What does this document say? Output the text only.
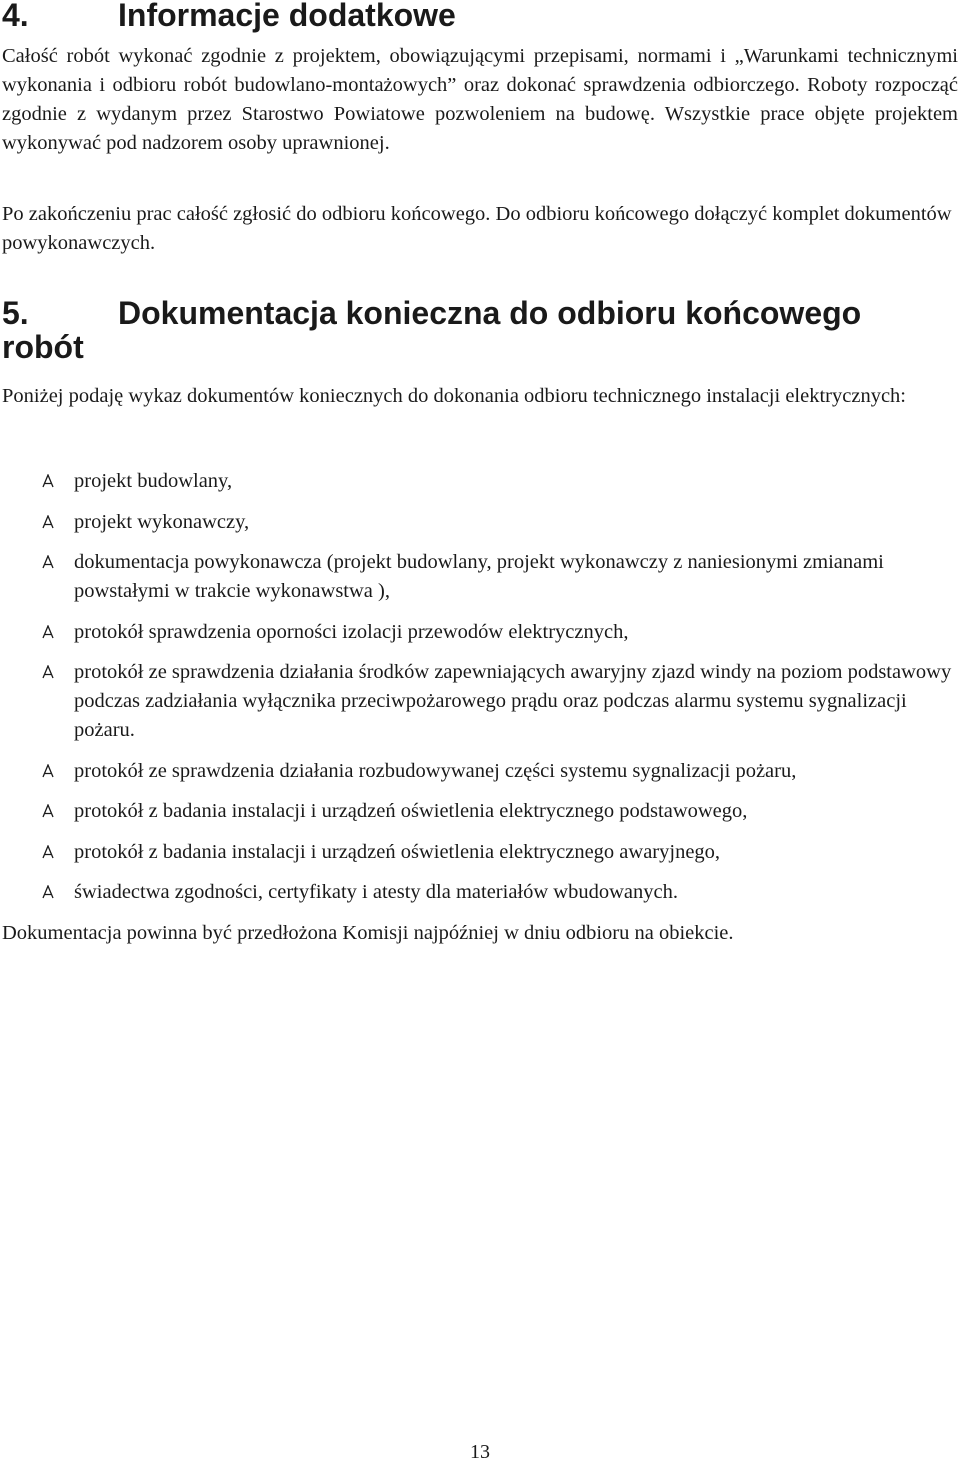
4.	Informacje dodatkowe

Całość robót wykonać zgodnie z projektem, obowiązującymi przepisami, normami i „Warunkami technicznymi wykonania i odbioru robót budowlano-montażowych” oraz dokonać sprawdzenia odbiorczego. Roboty rozpocząć zgodnie z wydanym przez Starostwo Powiatowe pozwoleniem na budowę. Wszystkie prace objęte projektem wykonywać pod nadzorem osoby uprawnionej.

Po zakończeniu prac całość zgłosić do odbioru końcowego. Do odbioru końcowego dołączyć komplet dokumentów powykonawczych.

5.	Dokumentacja konieczna do odbioru końcowego
robót

Poniżej podaję wykaz dokumentów koniecznych do dokonania odbioru technicznego instalacji elektrycznych:

projekt budowlany,
projekt wykonawczy,
dokumentacja powykonawcza (projekt budowlany, projekt wykonawczy z naniesionymi zmianami powstałymi w trakcie wykonawstwa ),
protokół sprawdzenia oporności izolacji przewodów elektrycznych,
protokół ze sprawdzenia działania środków zapewniających awaryjny zjazd windy na poziom podstawowy podczas zadziałania wyłącznika przeciwpożarowego prądu oraz podczas alarmu systemu sygnalizacji pożaru.
protokół ze sprawdzenia działania rozbudowywanej części systemu sygnalizacji pożaru,
protokół z badania instalacji i urządzeń oświetlenia elektrycznego podstawowego,
protokół z badania instalacji i urządzeń oświetlenia elektrycznego awaryjnego,
świadectwa zgodności, certyfikaty i atesty dla materiałów wbudowanych.

Dokumentacja powinna być przedłożona Komisji najpóźniej w dniu odbioru na obiekcie.

13
